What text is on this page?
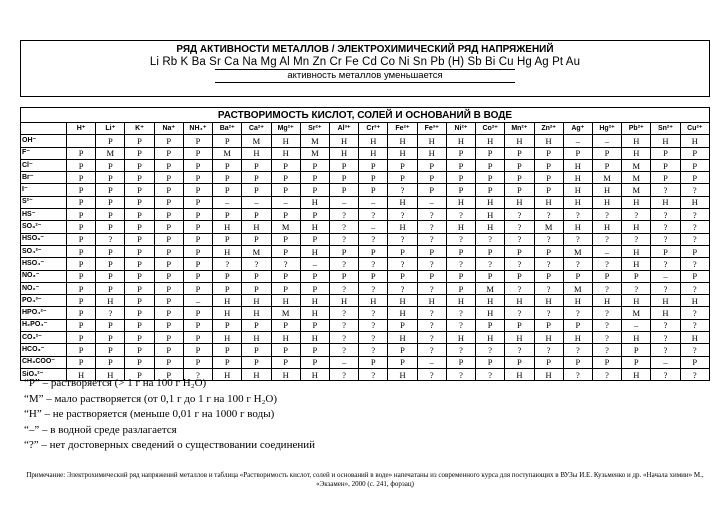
РЯД АКТИВНОСТИ МЕТАЛЛОВ / ЭЛЕКТРОХИМИЧЕСКИЙ РЯД НАПРЯЖЕНИЙ
Li Rb K Ba Sr Ca Na Mg Al Mn Zn Cr Fe Cd Co Ni Sn Pb (H) Sb Bi Cu Hg Ag Pt Au
активность металлов уменьшается
РАСТВОРИМОСТЬ КИСЛОТ, СОЛЕЙ И ОСНОВАНИЙ В ВОДЕ
	H⁺	Li⁺	K⁺	Na⁺	NH₄⁺	Ba²⁺	Ca²⁺	Mg²⁺	Sr²⁺	Al³⁺	Cr³⁺	Fe²⁺	Fe³⁺	Ni²⁺	Co²⁺	Mn²⁺	Zn²⁺	Ag⁺	Hg²⁺	Pb²⁺	Sn²⁺	Cu²⁺
OH⁻		Р	Р	Р	Р	Р	М	Н	М	Н	Н	Н	Н	Н	Н	Н	Н	–	–	Н	Н	Н
F⁻	Р	М	Р	Р	Р	М	Н	Н	М	Н	Н	Н	Н	Р	Р	Р	Р	Р	Р	Н	Р	Р
Cl⁻	Р	Р	Р	Р	Р	Р	Р	Р	Р	Р	Р	Р	Р	Р	Р	Р	Р	Н	Р	М	Р	Р
Br⁻	Р	Р	Р	Р	Р	Р	Р	Р	Р	Р	Р	Р	Р	Р	Р	Р	Р	Н	М	М	Р	Р
I⁻	Р	Р	Р	Р	Р	Р	Р	Р	Р	Р	Р	?	Р	Р	Р	Р	Р	Н	Н	М	?	?
S²⁻	Р	Р	Р	Р	Р	–	–	–	Н	–	–	Н	–	Н	Н	Н	Н	Н	Н	Н	Н	Н
HS⁻	Р	Р	Р	Р	Р	Р	Р	Р	Р	?	?	?	?	?	Н	?	?	?	?	?	?	?
SO₃²⁻	Р	Р	Р	Р	Р	Н	Н	М	Н	?	–	Н	?	Н	Н	?	М	Н	Н	Н	?	?
HSO₃⁻	Р	?	Р	Р	Р	Р	Р	Р	Р	?	?	?	?	?	?	?	?	?	?	?	?	?
SO₄²⁻	Р	Р	Р	Р	Р	Н	М	Р	Н	Р	Р	Р	Р	Р	Р	Р	Р	М	–	Н	Р	Р
HSO₄⁻	Р	Р	Р	Р	Р	?	?	?	–	?	?	?	?	?	?	?	?	?	?	Н	?	?
NO₃⁻	Р	Р	Р	Р	Р	Р	Р	Р	Р	Р	Р	Р	Р	Р	Р	Р	Р	Р	Р	Р	–	Р
NO₂⁻	Р	Р	Р	Р	Р	Р	Р	Р	Р	?	?	?	?	Р	М	?	?	М	?	?	?	?
PO₄³⁻	Р	Н	Р	Р	–	Н	Н	Н	Н	Н	Н	Н	Н	Н	Н	Н	Н	Н	Н	Н	Н	Н
HPO₄²⁻	Р	?	Р	Р	Р	Н	Н	М	Н	?	?	Н	?	?	Н	?	?	?	?	М	Н	?
H₂PO₄⁻	Р	Р	Р	Р	Р	Р	Р	Р	Р	?	?	Р	?	?	Р	Р	Р	Р	?	–	?	?
CO₃²⁻	Р	Р	Р	Р	Р	Н	Н	Н	Н	?	?	Н	?	Н	Н	Н	Н	Н	?	Н	?	Н
HCO₃⁻	Р	Р	Р	Р	Р	Р	Р	Р	Р	?	?	Р	?	?	?	?	?	?	?	Р	?	?
CH₃COO⁻	Р	Р	Р	Р	Р	Р	Р	Р	Р	–	Р	Р	–	Р	Р	Р	Р	Р	Р	Р	–	Р
SiO₃²⁻	Н	Н	Р	Р	?	Н	Н	Н	Н	?	?	Н	?	?	?	Н	Н	?	?	Н	?	?
“Р” – растворяется (> 1 г на 100 г H₂O)
“М” – мало растворяется (от 0,1 г до 1 г на 100 г H₂O)
“Н” – не растворяется (меньше 0,01 г на 1000 г воды)
“–” – в водной среде разлагается
“?” – нет достоверных сведений о существовании соединений
Примечание: Электрохимический ряд напряжений металлов и таблица «Растворимость кислот, солей и оснований в воде» напечатаны из современного курса для поступающих в ВУЗы И.Е. Кузьменко и др. «Начала химии» М., «Экзамен», 2000 (с. 241, форзац)
